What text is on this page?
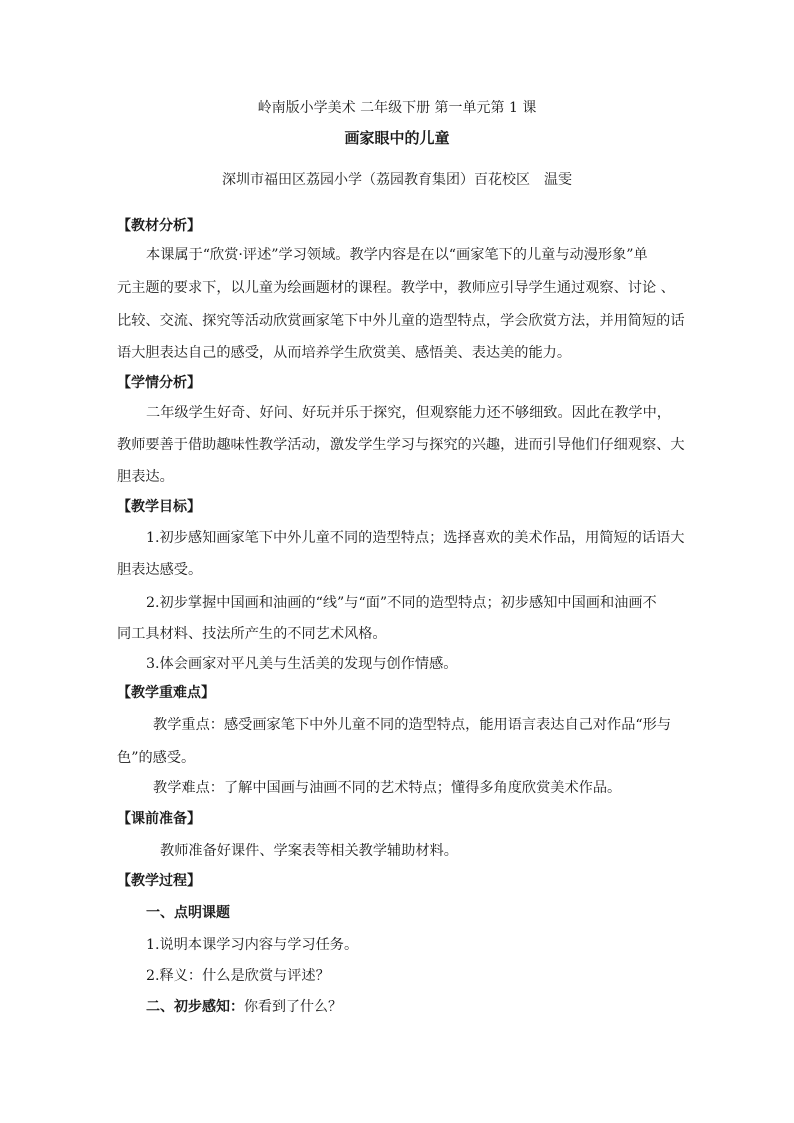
岭南版小学美术 二年级下册 第一单元第 1 课
画家眼中的儿童
深圳市福田区荔园小学（荔园教育集团）百花校区　温雯
【教材分析】
本课属于“欣赏·评述”学习领域。教学内容是在以“画家笔下的儿童与动漫形象”单
元主题的要求下，以儿童为绘画题材的课程。教学中，教师应引导学生通过观察、讨论 、
比较、交流、探究等活动欣赏画家笔下中外儿童的造型特点，学会欣赏方法，并用简短的话
语大胆表达自己的感受，从而培养学生欣赏美、感悟美、表达美的能力。
【学情分析】
二年级学生好奇、好问、好玩并乐于探究，但观察能力还不够细致。因此在教学中，
教师要善于借助趣味性教学活动，激发学生学习与探究的兴趣，进而引导他们仔细观察、大
胆表达。
【教学目标】
1.初步感知画家笔下中外儿童不同的造型特点；选择喜欢的美术作品，用简短的话语大
胆表达感受。
2.初步掌握中国画和油画的“线”与“面”不同的造型特点；初步感知中国画和油画不
同工具材料、技法所产生的不同艺术风格。
3.体会画家对平凡美与生活美的发现与创作情感。
【教学重难点】
教学重点：感受画家笔下中外儿童不同的造型特点，能用语言表达自己对作品“形与
色”的感受。
教学难点：了解中国画与油画不同的艺术特点；懂得多角度欣赏美术作品。
【课前准备】
教师准备好课件、学案表等相关教学辅助材料。
【教学过程】
一、点明课题
1.说明本课学习内容与学习任务。
2.释义：什么是欣赏与评述？
二、初步感知：你看到了什么？
